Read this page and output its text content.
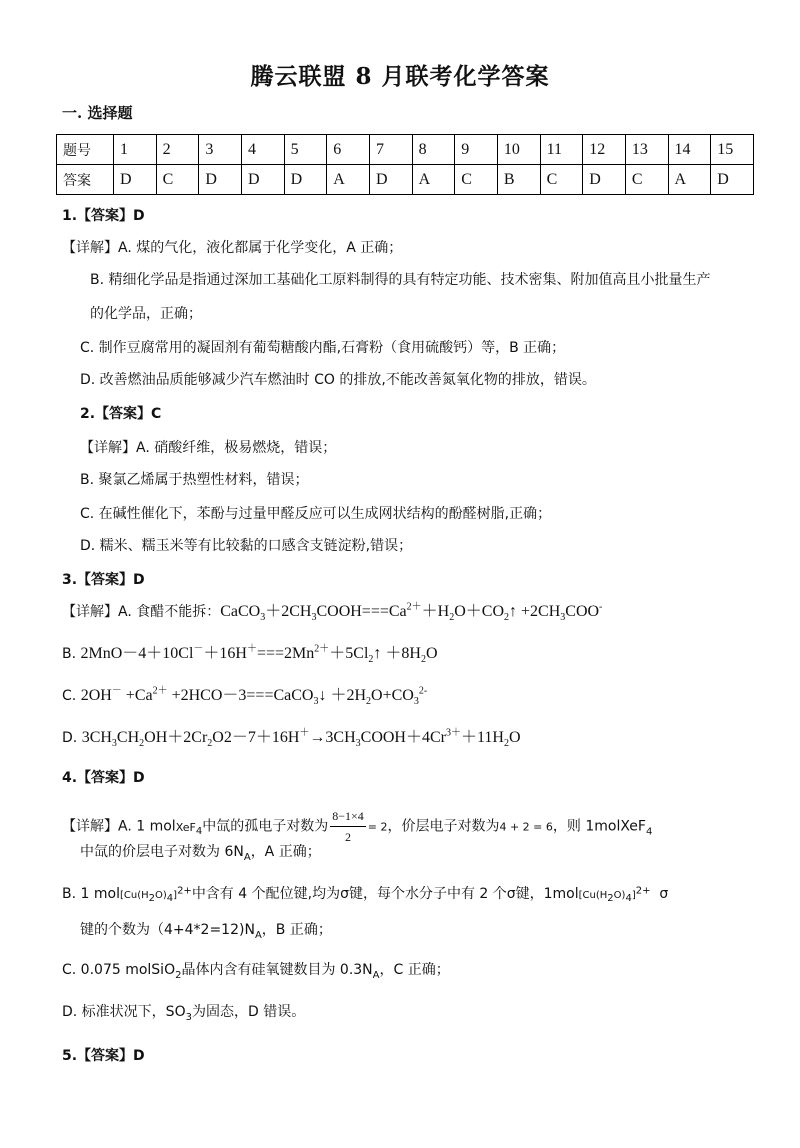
腾云联盟 8 月联考化学答案
一. 选择题
题号	1	2	3	4	5	6	7	8	9	10	11	12	13	14	15
答案	D	C	D	D	D	A	D	A	C	B	C	D	C	A	D
1.【答案】D
【详解】A. 煤的气化，液化都属于化学变化，A 正确；
B. 精细化学品是指通过深加工基础化工原料制得的具有特定功能、技术密集、附加值高且小批量生产
的化学品，正确；
C. 制作豆腐常用的凝固剂有葡萄糖酸内酯,石膏粉（食用硫酸钙）等，B 正确；
D. 改善燃油品质能够减少汽车燃油时 CO 的排放,不能改善氮氧化物的排放，错误。
2.【答案】C
【详解】A. 硝酸纤维，极易燃烧，错误；
B. 聚氯乙烯属于热塑性材料，错误；
C. 在碱性催化下，苯酚与过量甲醛反应可以生成网状结构的酚醛树脂,正确；
D. 糯米、糯玉米等有比较黏的口感含支链淀粉,错误；
3.【答案】D
【详解】A. 食醋不能拆：$CaCO_3+2CH_3COOH===Ca^{2+}+H_2O+CO_2↑ +2CH_3COO^-$
B. $2MnO-4+10Cl^-+16H^+===2Mn^{2+}+5Cl_2↑ +8H_2O$
C. $2OH^- +Ca^{2+}$ +2HCO－3===CaCO$_3$↓ $+2H_2O+CO_3^{2-}$
D. $3CH_3CH_2OH+2Cr_2O2-7+16H^+\to 3CH_3COOH+4Cr^{3+}+11H_2O$
4.【答案】D
【详解】A. 1 molXeF$_4$中氙的孤电子对数为 $\frac{8-1\times 4}{2} = 2$，价层电子对数为4 + 2 = 6，则 1molXeF$_4$
中氙的价层电子对数为 $6N_A$，A 正确；
B. 1 $mol[Cu(H_2O)_4]^{2+}$中含有 4 个配位键,均为σ键，每个水分子中有 2 个σ键，$1mol[Cu(H_2O)_4]^{2+}$ σ
键的个数为$(4+4*2=12)N_A$，B 正确；
C. 0.075 molSiO$_2$晶体内含有硅氧键数目为 $0.3N_A$，C 正确；
D. 标准状况下，$SO_3$为固态，D 错误。
5.【答案】D
